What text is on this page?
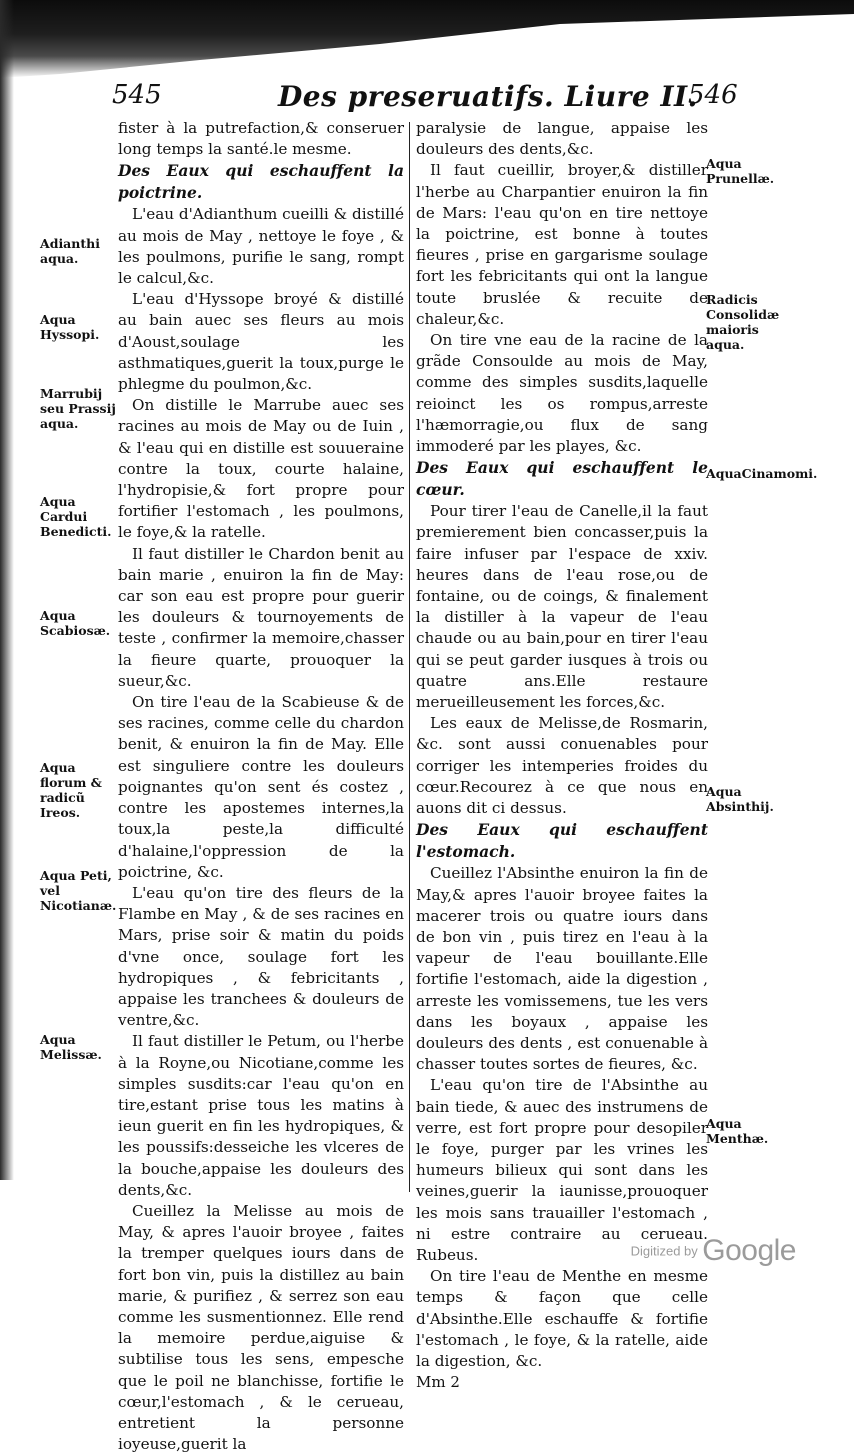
545	Des preseruatifs. Liure II.
546

fister à la putrefaction,& conseruer long temps la santé.le mesme.

Des Eaux qui eschauffent la poictrine.

L'eau d'Adianthum cueilli & distillé au mois de May , nettoye le foye , & les poulmons, purifie le sang, rompt le calcul,&c.

L'eau d'Hyssope broyé & distillé au bain auec ses fleurs au mois d'Aoust,soulage les asthmatiques,guerit la toux,purge le phlegme du poulmon,&c.

On distille le Marrube auec ses racines au mois de May ou de Iuin , & l'eau qui en distille est souueraine contre la toux, courte halaine, l'hydropisie,& fort propre pour fortifier l'estomach , les poulmons, le foye,& la ratelle.

Il faut distiller le Chardon benit au bain marie , enuiron la fin de May: car son eau est propre pour guerir les douleurs & tournoyements de teste , confirmer la memoire,chasser la fieure quarte, prouoquer la sueur,&c.

On tire l'eau de la Scabieuse & de ses racines, comme celle du chardon benit, & enuiron la fin de May. Elle est singuliere contre les douleurs poignantes qu'on sent és costez , contre les apostemes internes,la toux,la peste,la difficulté d'halaine,l'oppression de la poictrine, &c.

L'eau qu'on tire des fleurs de la Flambe en May , & de ses racines en Mars, prise soir & matin du poids d'vne once, soulage fort les hydropiques , & febricitants , appaise les tranchees & douleurs de ventre,&c.

Il faut distiller le Petum, ou l'herbe à la Royne,ou Nicotiane,comme les simples susdits:car l'eau qu'on en tire,estant prise tous les matins à ieun guerit en fin les hydropiques, & les poussifs:desseiche les vlceres de la bouche,appaise les douleurs des dents,&c.

Cueillez la Melisse au mois de May, & apres l'auoir broyee , faites la tremper quelques iours dans de fort bon vin, puis la distillez au bain marie, & purifiez , & serrez son eau comme les susmentionnez. Elle rend la memoire perdue,aiguise & subtilise tous les sens, empesche que le poil ne blanchisse, fortifie le cœur,l'estomach , & le cerueau, entretient la personne ioyeuse,guerit la

paralysie de langue, appaise les douleurs des dents,&c.

Il faut cueillir, broyer,& distiller l'herbe au Charpantier enuiron la fin de Mars: l'eau qu'on en tire nettoye la poictrine, est bonne à toutes fieures , prise en gargarisme soulage fort les febricitants qui ont la langue toute bruslée & recuite de chaleur,&c.

On tire vne eau de la racine de la grãde Consoulde au mois de May, comme des simples susdits,laquelle reioinct les os rompus,arreste l'hæmorragie,ou flux de sang immoderé par les playes, &c.

Des Eaux qui eschauffent le cœur.

Pour tirer l'eau de Canelle,il la faut premierement bien concasser,puis la faire infuser par l'espace de xxiv. heures dans de l'eau rose,ou de fontaine, ou de coings, & finalement la distiller à la vapeur de l'eau chaude ou au bain,pour en tirer l'eau qui se peut garder iusques à trois ou quatre ans.Elle restaure merueilleusement les forces,&c.

Les eaux de Melisse,de Rosmarin, &c. sont aussi conuenables pour corriger les intemperies froides du cœur.Recourez à ce que nous en auons dit ci dessus.

Des Eaux qui eschauffent l'estomach.

Cueillez l'Absinthe enuiron la fin de May,& apres l'auoir broyee faites la macerer trois ou quatre iours dans de bon vin , puis tirez en l'eau à la vapeur de l'eau bouillante.Elle fortifie l'estomach, aide la digestion , arreste les vomissemens, tue les vers dans les boyaux , appaise les douleurs des dents , est conuenable à chasser toutes sortes de fieures, &c.

L'eau qu'on tire de l'Absinthe au bain tiede, & auec des instrumens de verre, est fort propre pour desopiler le foye, purger par les vrines les humeurs bilieux qui sont dans les veines,guerir la iaunisse,prouoquer les mois sans trauailler l'estomach , ni estre contraire au cerueau. Rubeus.

On tire l'eau de Menthe en mesme temps & façon que celle d'Absinthe.Elle eschauffe & fortifie l'estomach , le foye, & la ratelle, aide la digestion, &c.

Mm 2

Adianthi aqua.
Aqua Hyssopi.
Marrubij seu Prassij aqua.
Aqua Cardui Benedicti.
Aqua Scabiosæ.
Aqua florum & radicũ Ireos.
Aqua Peti, vel Nicotianæ.
Aqua Melissæ.
Aqua Prunellæ.
Radicis Consolidæ maioris aqua.
AquaCinamomi.
Aqua Absinthij.
Aqua Menthæ.
Digitized by Google
